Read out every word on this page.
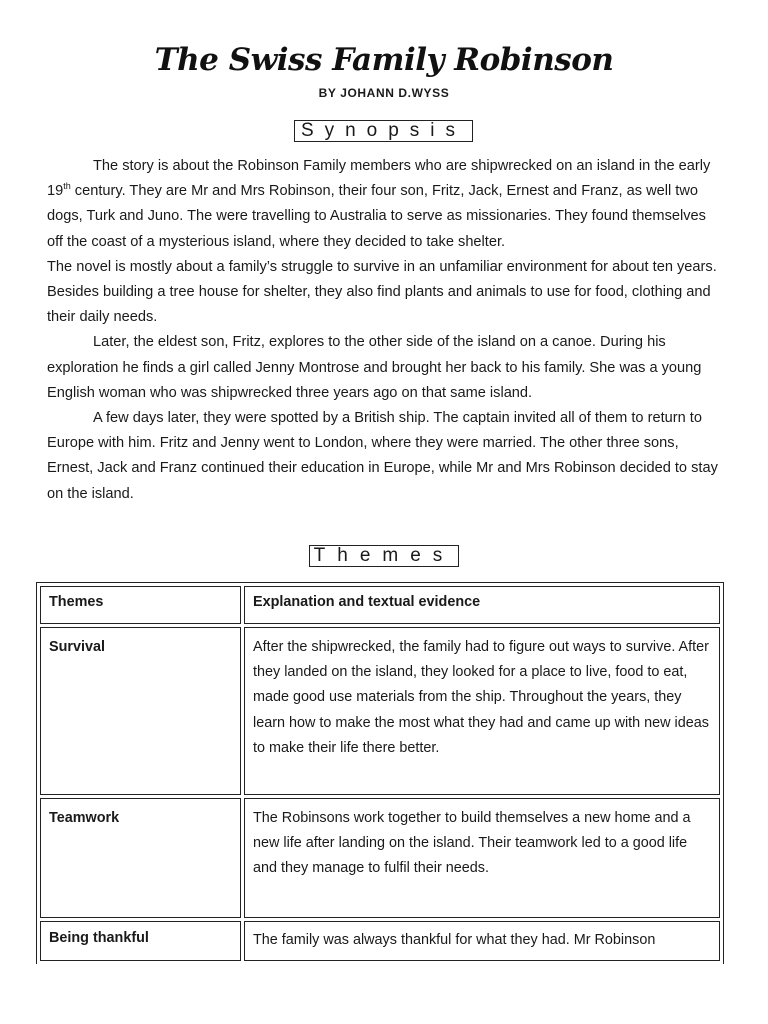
The Swiss Family Robinson
BY JOHANN D.WYSS
Synopsis

The story is about the Robinson Family members who are shipwrecked on an island in the early 19th century. They are Mr and Mrs Robinson, their four son, Fritz, Jack, Ernest and Franz, as well two dogs, Turk and Juno. The were travelling to Australia to serve as missionaries. They found themselves off the coast of a mysterious island, where they decided to take shelter.

The novel is mostly about a family’s struggle to survive in an unfamiliar environment for about ten years. Besides building a tree house for shelter, they also find plants and animals to use for food, clothing and their daily needs.

Later, the eldest son, Fritz, explores to the other side of the island on a canoe. During his exploration he finds a girl called Jenny Montrose and brought her back to his family. She was a young English woman who was shipwrecked three years ago on that same island.

A few days later, they were spotted by a British ship. The captain invited all of them to return to Europe with him. Fritz and Jenny went to London, where they were married. The other three sons, Ernest, Jack and Franz continued their education in Europe, while Mr and Mrs Robinson decided to stay on the island.

Themes
Themes	Explanation and textual evidence

Survival	After the shipwrecked, the family had to figure out ways to survive. After they landed on the island, they looked for a place to live, food to eat, made good use materials from the ship. Throughout the years, they learn how to make the most what they had and came up with new ideas to make their life there better.

Teamwork	The Robinsons work together to build themselves a new home and a new life after landing on the island. Their teamwork led to a good life and they manage to fulfil their needs.

Being thankful	The family was always thankful for what they had. Mr Robinson
